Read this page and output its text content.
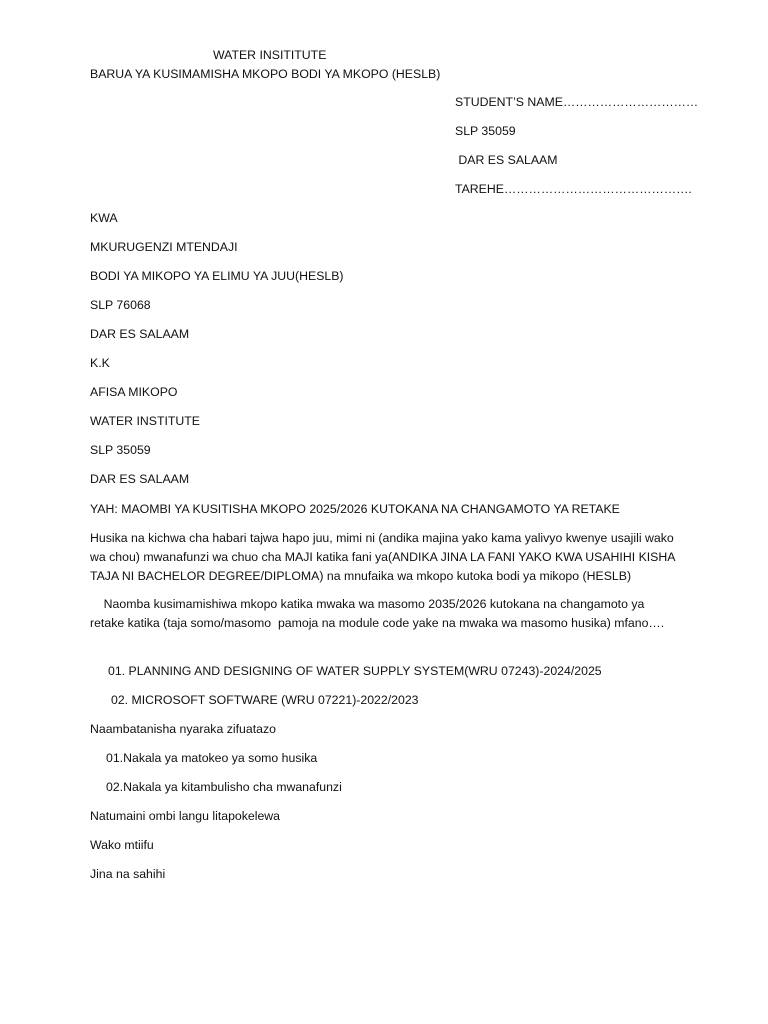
WATER INSITITUTE
BARUA YA KUSIMAMISHA MKOPO BODI YA MKOPO (HESLB)
STUDENT’S NAME……………………………
SLP 35059
DAR ES SALAAM
TAREHE……………………………………….
KWA
MKURUGENZI MTENDAJI
BODI YA MIKOPO YA ELIMU YA JUU(HESLB)
SLP 76068
DAR ES SALAAM
K.K
AFISA MIKOPO
WATER INSTITUTE
SLP 35059
DAR ES SALAAM
YAH: MAOMBI YA KUSITISHA MKOPO 2025/2026 KUTOKANA NA CHANGAMOTO YA RETAKE
Husika na kichwa cha habari tajwa hapo juu, mimi ni (andika majina yako kama yalivyo kwenye usajili wako wa chou) mwanafunzi wa chuo cha MAJI katika fani ya(ANDIKA JINA LA FANI YAKO KWA USAHIHI KISHA TAJA NI BACHELOR DEGREE/DIPLOMA) na mnufaika wa mkopo kutoka bodi ya mikopo (HESLB)
Naomba kusimamishiwa mkopo katika mwaka wa masomo 2035/2026 kutokana na changamoto ya retake katika (taja somo/masomo  pamoja na module code yake na mwaka wa masomo husika) mfano….
01. PLANNING AND DESIGNING OF WATER SUPPLY SYSTEM(WRU 07243)-2024/2025
02. MICROSOFT SOFTWARE (WRU 07221)-2022/2023
Naambatanisha nyaraka zifuatazo
01.Nakala ya matokeo ya somo husika
02.Nakala ya kitambulisho cha mwanafunzi
Natumaini ombi langu litapokelewa
Wako mtiifu
Jina na sahihi
